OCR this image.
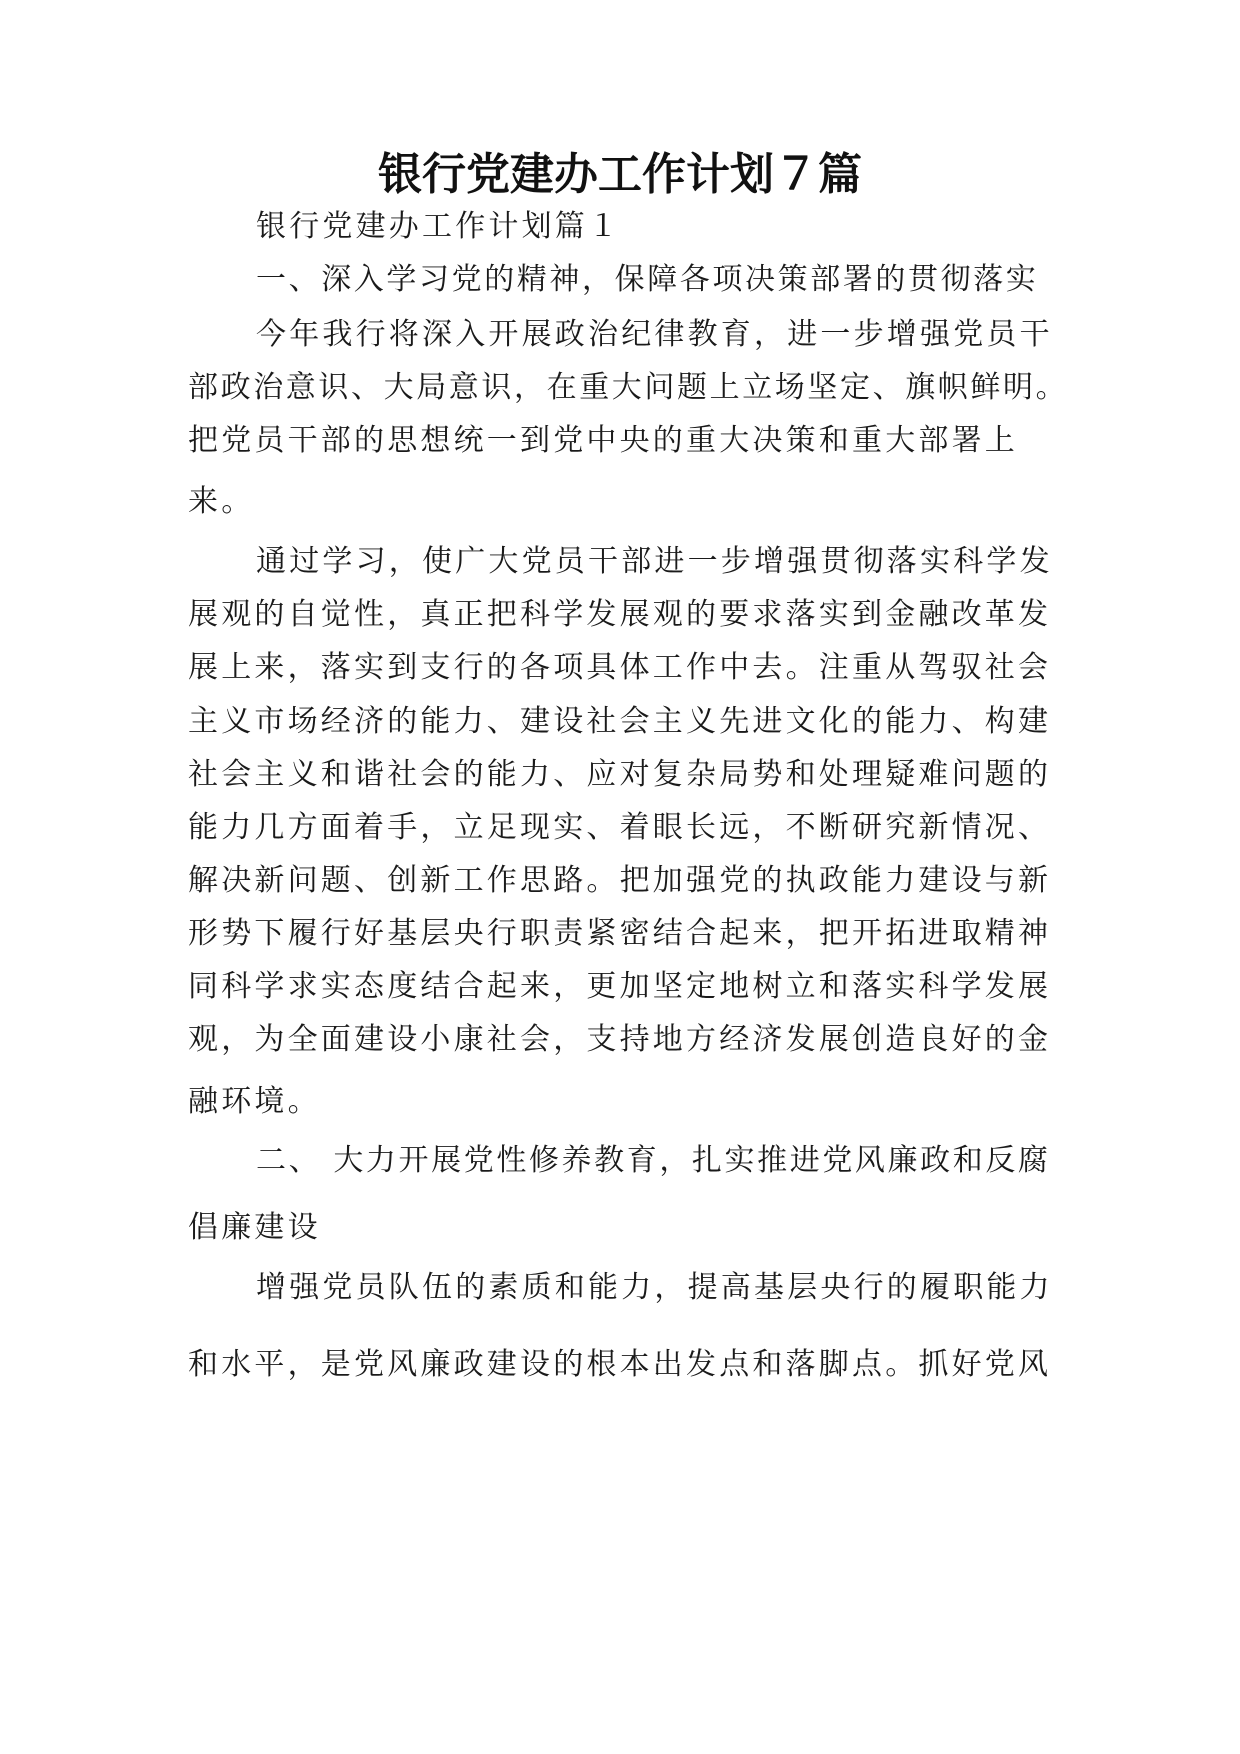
银行党建办工作计划７篇

银行党建办工作计划篇１

一、深入学习党的精神，保障各项决策部署的贯彻落实

今年我行将深入开展政治纪律教育，进一步增强党员干

部政治意识、大局意识，在重大问题上立场坚定、旗帜鲜明。

把党员干部的思想统一到党中央的重大决策和重大部署上

来。

通过学习，使广大党员干部进一步增强贯彻落实科学发

展观的自觉性，真正把科学发展观的要求落实到金融改革发

展上来，落实到支行的各项具体工作中去。注重从驾驭社会

主义市场经济的能力、建设社会主义先进文化的能力、构建

社会主义和谐社会的能力、应对复杂局势和处理疑难问题的

能力几方面着手，立足现实、着眼长远，不断研究新情况、

解决新问题、创新工作思路。把加强党的执政能力建设与新

形势下履行好基层央行职责紧密结合起来，把开拓进取精神

同科学求实态度结合起来，更加坚定地树立和落实科学发展

观，为全面建设小康社会，支持地方经济发展创造良好的金

融环境。

二、 大力开展党性修养教育，扎实推进党风廉政和反腐

倡廉建设

增强党员队伍的素质和能力，提高基层央行的履职能力

和水平，是党风廉政建设的根本出发点和落脚点。抓好党风
